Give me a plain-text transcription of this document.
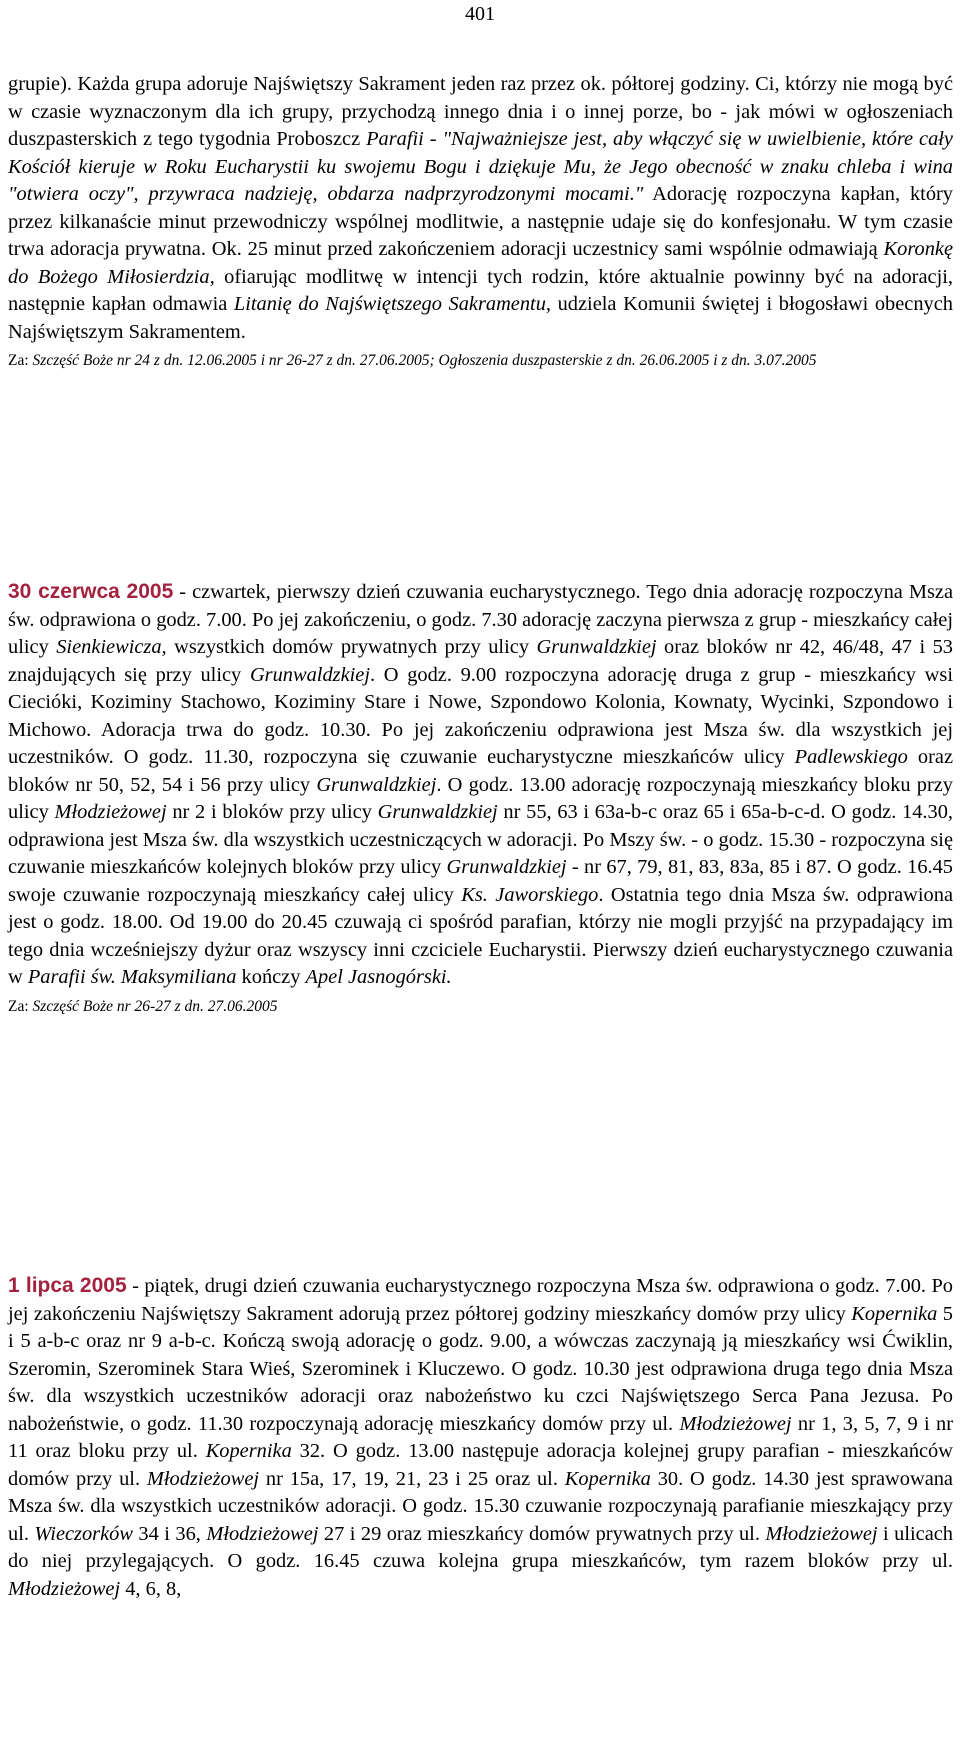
401

grupie). Każda grupa adoruje Najświętszy Sakrament jeden raz przez ok. półtorej godziny. Ci, którzy nie mogą być w czasie wyznaczonym dla ich grupy, przychodzą innego dnia i o innej porze, bo - jak mówi w ogłoszeniach duszpasterskich z tego tygodnia Proboszcz Parafii - "Najważniejsze jest, aby włączyć się w uwielbienie, które cały Kościół kieruje w Roku Eucharystii ku swojemu Bogu i dziękuje Mu, że Jego obecność w znaku chleba i wina "otwiera oczy", przywraca nadzieję, obdarza nadprzyrodzonymi mocami." Adorację rozpoczyna kapłan, który przez kilkanaście minut przewodniczy wspólnej modlitwie, a następnie udaje się do konfesjonału. W tym czasie trwa adoracja prywatna. Ok. 25 minut przed zakończeniem adoracji uczestnicy sami wspólnie odmawiają Koronkę do Bożego Miłosierdzia, ofiarując modlitwę w intencji tych rodzin, które aktualnie powinny być na adoracji, następnie kapłan odmawia Litanię do Najświętszego Sakramentu, udziela Komunii świętej i błogosławi obecnych Najświętszym Sakramentem.
Za: Szczęść Boże nr 24 z dn. 12.06.2005 i nr 26-27 z dn. 27.06.2005; Ogłoszenia duszpasterskie z dn. 26.06.2005 i z dn. 3.07.2005

30 czerwca 2005 - czwartek, pierwszy dzień czuwania eucharystycznego. Tego dnia adorację rozpoczyna Msza św. odprawiona o godz. 7.00. Po jej zakończeniu, o godz. 7.30 adorację zaczyna pierwsza z grup - mieszkańcy całej ulicy Sienkiewicza, wszystkich domów prywatnych przy ulicy Grunwaldzkiej oraz bloków nr 42, 46/48, 47 i 53 znajdujących się przy ulicy Grunwaldzkiej. O godz. 9.00 rozpoczyna adorację druga z grup - mieszkańcy wsi Ciecióki, Koziminy Stachowo, Koziminy Stare i Nowe, Szpondowo Kolonia, Kownaty, Wycinki, Szpondowo i Michowo. Adoracja trwa do godz. 10.30. Po jej zakończeniu odprawiona jest Msza św. dla wszystkich jej uczestników. O godz. 11.30, rozpoczyna się czuwanie eucharystyczne mieszkańców ulicy Padlewskiego oraz bloków nr 50, 52, 54 i 56 przy ulicy Grunwaldzkiej. O godz. 13.00 adorację rozpoczynają mieszkańcy bloku przy ulicy Młodzieżowej nr 2 i bloków przy ulicy Grunwaldzkiej nr 55, 63 i 63a-b-c oraz 65 i 65a-b-c-d. O godz. 14.30, odprawiona jest Msza św. dla wszystkich uczestniczących w adoracji. Po Mszy św. - o godz. 15.30 - rozpoczyna się czuwanie mieszkańców kolejnych bloków przy ulicy Grunwaldzkiej - nr 67, 79, 81, 83, 83a, 85 i 87. O godz. 16.45 swoje czuwanie rozpoczynają mieszkańcy całej ulicy Ks. Jaworskiego. Ostatnia tego dnia Msza św. odprawiona jest o godz. 18.00. Od 19.00 do 20.45 czuwają ci spośród parafian, którzy nie mogli przyjść na przypadający im tego dnia wcześniejszy dyżur oraz wszyscy inni czciciele Eucharystii. Pierwszy dzień eucharystycznego czuwania w Parafii św. Maksymiliana kończy Apel Jasnogórski.
Za: Szczęść Boże nr 26-27 z dn. 27.06.2005

1 lipca 2005 - piątek, drugi dzień czuwania eucharystycznego rozpoczyna Msza św. odprawiona o godz. 7.00. Po jej zakończeniu Najświętszy Sakrament adorują przez półtorej godziny mieszkańcy domów przy ulicy Kopernika 5 i 5 a-b-c oraz nr 9 a-b-c. Kończą swoją adorację o godz. 9.00, a wówczas zaczynają ją mieszkańcy wsi Ćwiklin, Szeromin, Szerominek Stara Wieś, Szerominek i Kluczewo. O godz. 10.30 jest odprawiona druga tego dnia Msza św. dla wszystkich uczestników adoracji oraz nabożeństwo ku czci Najświętszego Serca Pana Jezusa. Po nabożeństwie, o godz. 11.30 rozpoczynają adorację mieszkańcy domów przy ul. Młodzieżowej nr 1, 3, 5, 7, 9 i nr 11 oraz bloku przy ul. Kopernika 32. O godz. 13.00 następuje adoracja kolejnej grupy parafian - mieszkańców domów przy ul. Młodzieżowej nr 15a, 17, 19, 21, 23 i 25 oraz ul. Kopernika 30. O godz. 14.30 jest sprawowana Msza św. dla wszystkich uczestników adoracji. O godz. 15.30 czuwanie rozpoczynają parafianie mieszkający przy ul. Wieczorków 34 i 36, Młodzieżowej 27 i 29 oraz mieszkańcy domów prywatnych przy ul. Młodzieżowej i ulicach do niej przylegających. O godz. 16.45 czuwa kolejna grupa mieszkańców, tym razem bloków przy ul. Młodzieżowej 4, 6, 8,
